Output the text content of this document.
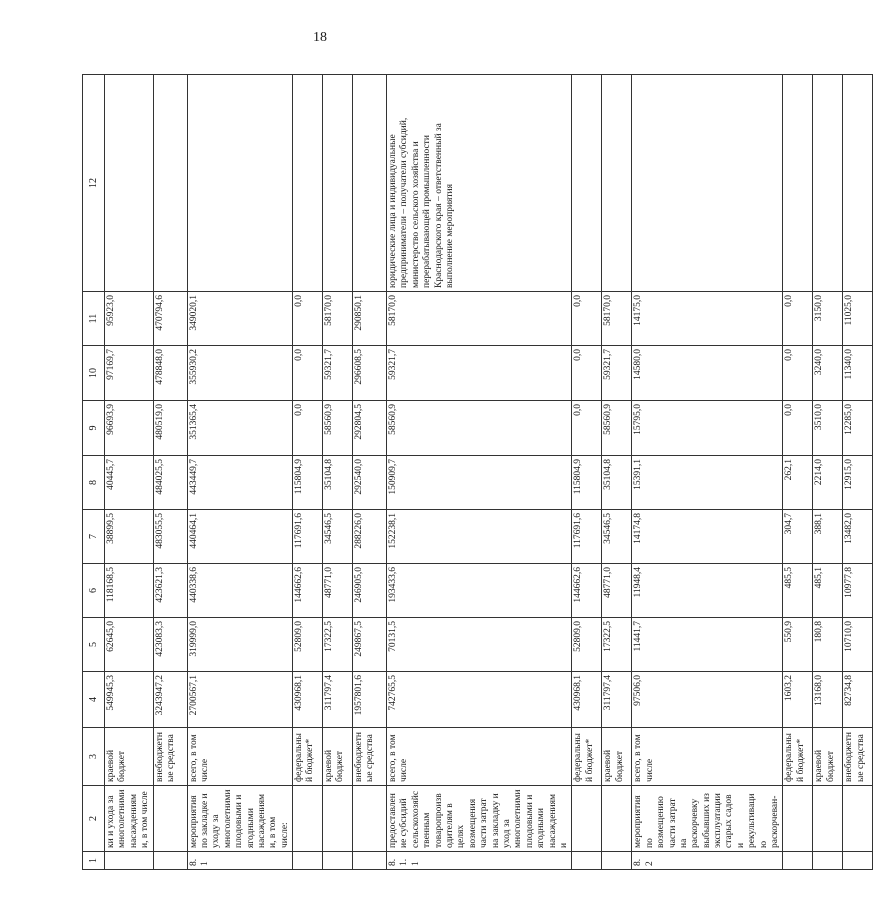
18
1	2	3	4	5	6	7	8	9	10	11	12
	ки и ухода за многолетними насаждениями, в том числе	краевой бюджет	549945,3	62645,0	118168,5	38899,5	40445,7	96693,9	97169,7	95923,0	
		внебюджетные средства	3243947,2	423083,3	423621,3	483055,5	484025,5	480519,0	478848,0	470794,6	
8.1	мероприятия по закладке и уходу за многолетними плодовыми и ягодными насаждениями, в том числе:	всего, в том числе	2700567,1	319999,0	440338,6	440464,1	443449,7	351365,4	355930,2	349020,1	
		федеральный бюджет*	430968,1	52809,0	144662,6	117691,6	115804,9	0,0	0,0	0,0	
		краевой бюджет	311797,4	17322,5	48771,0	34546,5	35104,8	58560,9	59321,7	58170,0	
		внебюджетные средства	1957801,6	249867,5	246905,0	288226,0	292540,0	292804,5	296608,5	290850,1	
8.1.1	предоставление субсидий сельскохозяйственным товаропроизводителям в целях возмещения части затрат на закладку и уход за многолетними плодовыми и ягодными насаждениями	всего, в том числе	742765,5	70131,5	193433,6	152238,1	150909,7	58560,9	59321,7	58170,0	юридические лица и индивидуальные предприниматели – получатели субсидий, министерство сельского хозяйства и перерабатывающей промышленности Краснодарского края – ответственный за выполнение мероприятия
		федеральный бюджет*	430968,1	52809,0	144662,6	117691,6	115804,9	0,0	0,0	0,0	
		краевой бюджет	311797,4	17322,5	48771,0	34546,5	35104,8	58560,9	59321,7	58170,0	
8.2	мероприятия по возмещению части затрат на раскорчевку выбывших из эксплуатации старых садов и рекультивацию раскорчеван-	всего, в том числе	97506,0	11441,7	11948,4	14174,8	15391,1	15795,0	14580,0	14175,0	
		федеральный бюджет*	1603,2	550,9	485,5	304,7	262,1	0,0	0,0	0,0	
		краевой бюджет	13168,0	180,8	485,1	388,1	2214,0	3510,0	3240,0	3150,0	
		внебюджетные средства	82734,8	10710,0	10977,8	13482,0	12915,0	12285,0	11340,0	11025,0	
